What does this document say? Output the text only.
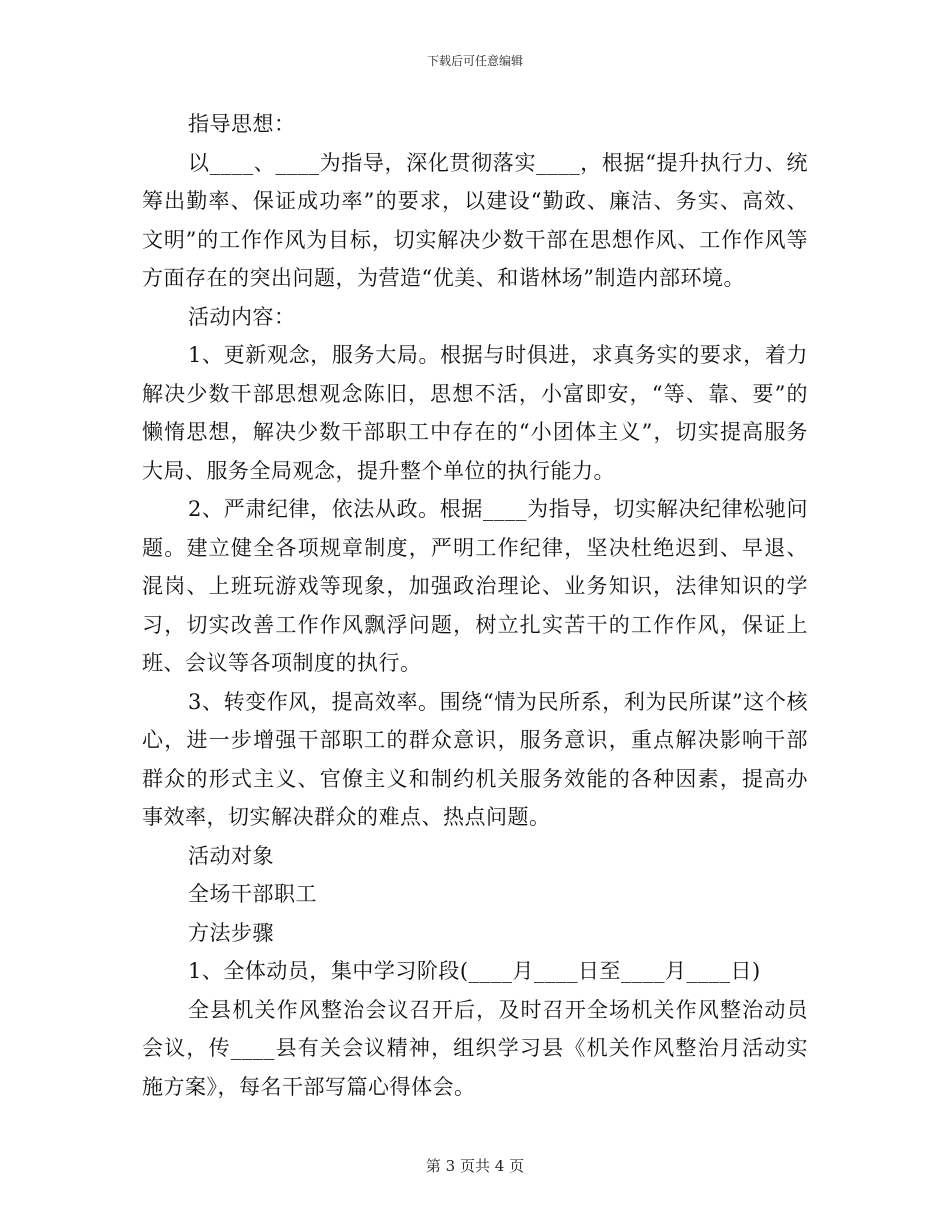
下载后可任意编辑

指导思想：

以____、____为指导，深化贯彻落实____，根据“提升执行力、统筹出勤率、保证成功率”的要求，以建设“勤政、廉洁、务实、高效、文明”的工作作风为目标，切实解决少数干部在思想作风、工作作风等方面存在的突出问题，为营造“优美、和谐林场”制造内部环境。

活动内容：

1、更新观念，服务大局。根据与时俱进，求真务实的要求，着力解决少数干部思想观念陈旧，思想不活，小富即安，“等、靠、要”的懒惰思想，解决少数干部职工中存在的“小团体主义”，切实提高服务大局、服务全局观念，提升整个单位的执行能力。

2、严肃纪律，依法从政。根据____为指导，切实解决纪律松驰问题。建立健全各项规章制度，严明工作纪律，坚决杜绝迟到、早退、混岗、上班玩游戏等现象，加强政治理论、业务知识，法律知识的学习，切实改善工作作风飘浮问题，树立扎实苦干的工作作风，保证上班、会议等各项制度的执行。

3、转变作风，提高效率。围绕“情为民所系，利为民所谋”这个核心，进一步增强干部职工的群众意识，服务意识，重点解决影响干部群众的形式主义、官僚主义和制约机关服务效能的各种因素，提高办事效率，切实解决群众的难点、热点问题。

活动对象

全场干部职工

方法步骤

1、全体动员，集中学习阶段(____月____日至____月____日)

全县机关作风整治会议召开后，及时召开全场机关作风整治动员会议，传____县有关会议精神，组织学习县《机关作风整治月活动实施方案》，每名干部写篇心得体会。

第 3 页共 4 页
